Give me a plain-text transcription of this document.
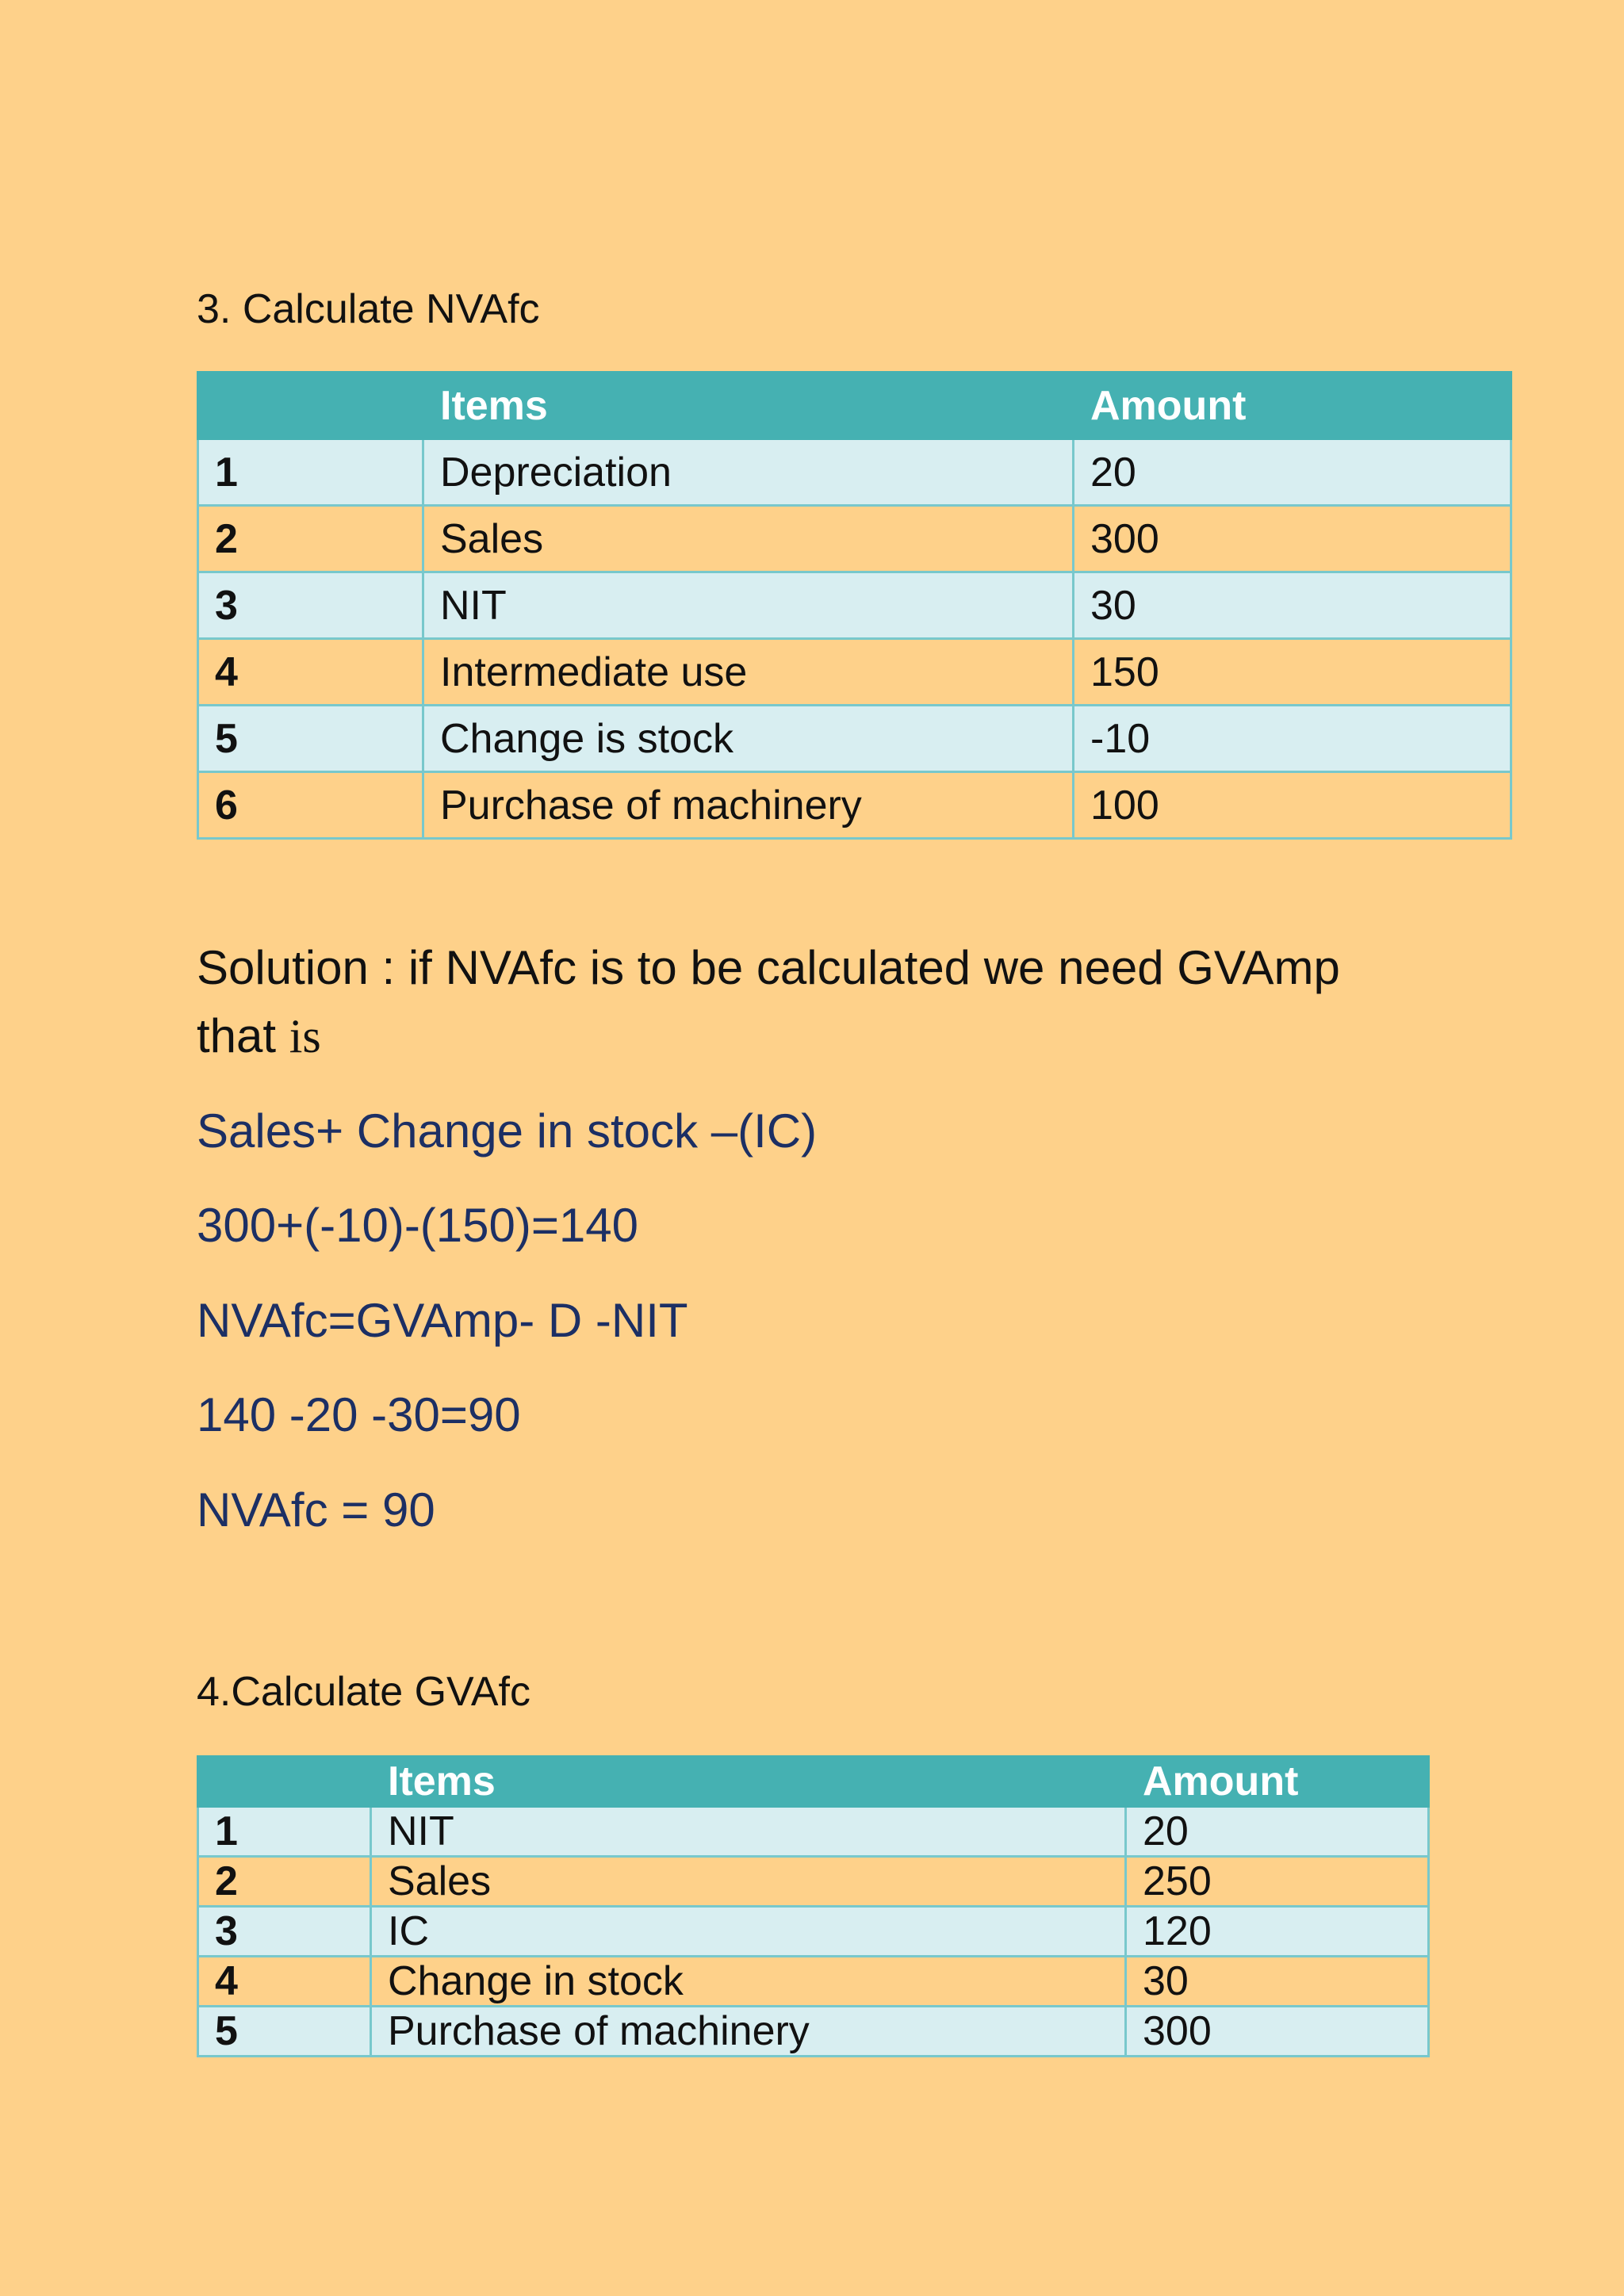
3. Calculate NVAfc
	Items	Amount
1	Depreciation	20
2	Sales	300
3	NIT	30
4	Intermediate use	150
5	Change is stock	-10
6	Purchase of machinery	100
Solution : if NVAfc is to be calculated we need GVAmp
that is
Sales+ Change in stock –(IC)
300+(-10)-(150)=140
NVAfc=GVAmp- D -NIT
140 -20 -30=90
NVAfc = 90
4.Calculate GVAfc
	Items	Amount
1	NIT	20
2	Sales	250
3	IC	120
4	Change in stock	30
5	Purchase of machinery	300
